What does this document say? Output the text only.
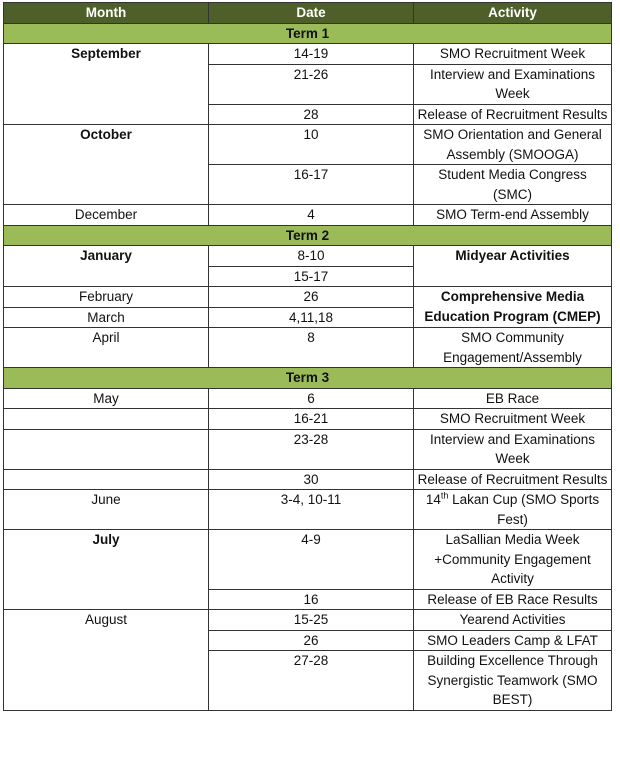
Month	Date	Activity
Term 1		
September	14-19	SMO Recruitment Week
	21-26	Interview and Examinations Week
	28	Release of Recruitment Results
October	10	SMO Orientation and General Assembly (SMOOGA)
	16-17	Student Media Congress (SMC)
December	4	SMO Term-end Assembly
Term 2		
January	8-10	Midyear Activities
	15-17	
February	26	Comprehensive Media Education Program (CMEP)
March	4,11,18	
April	8	SMO Community Engagement/Assembly
Term 3		
May	6	EB Race
	16-21	SMO Recruitment Week
	23-28	Interview and Examinations Week
	30	Release of Recruitment Results
June	3-4, 10-11	14th Lakan Cup (SMO Sports Fest)
July	4-9	LaSallian Media Week +Community Engagement Activity
	16	Release of EB Race Results
August	15-25	Yearend Activities
	26	SMO Leaders Camp & LFAT
	27-28	Building Excellence Through Synergistic Teamwork (SMO BEST)
